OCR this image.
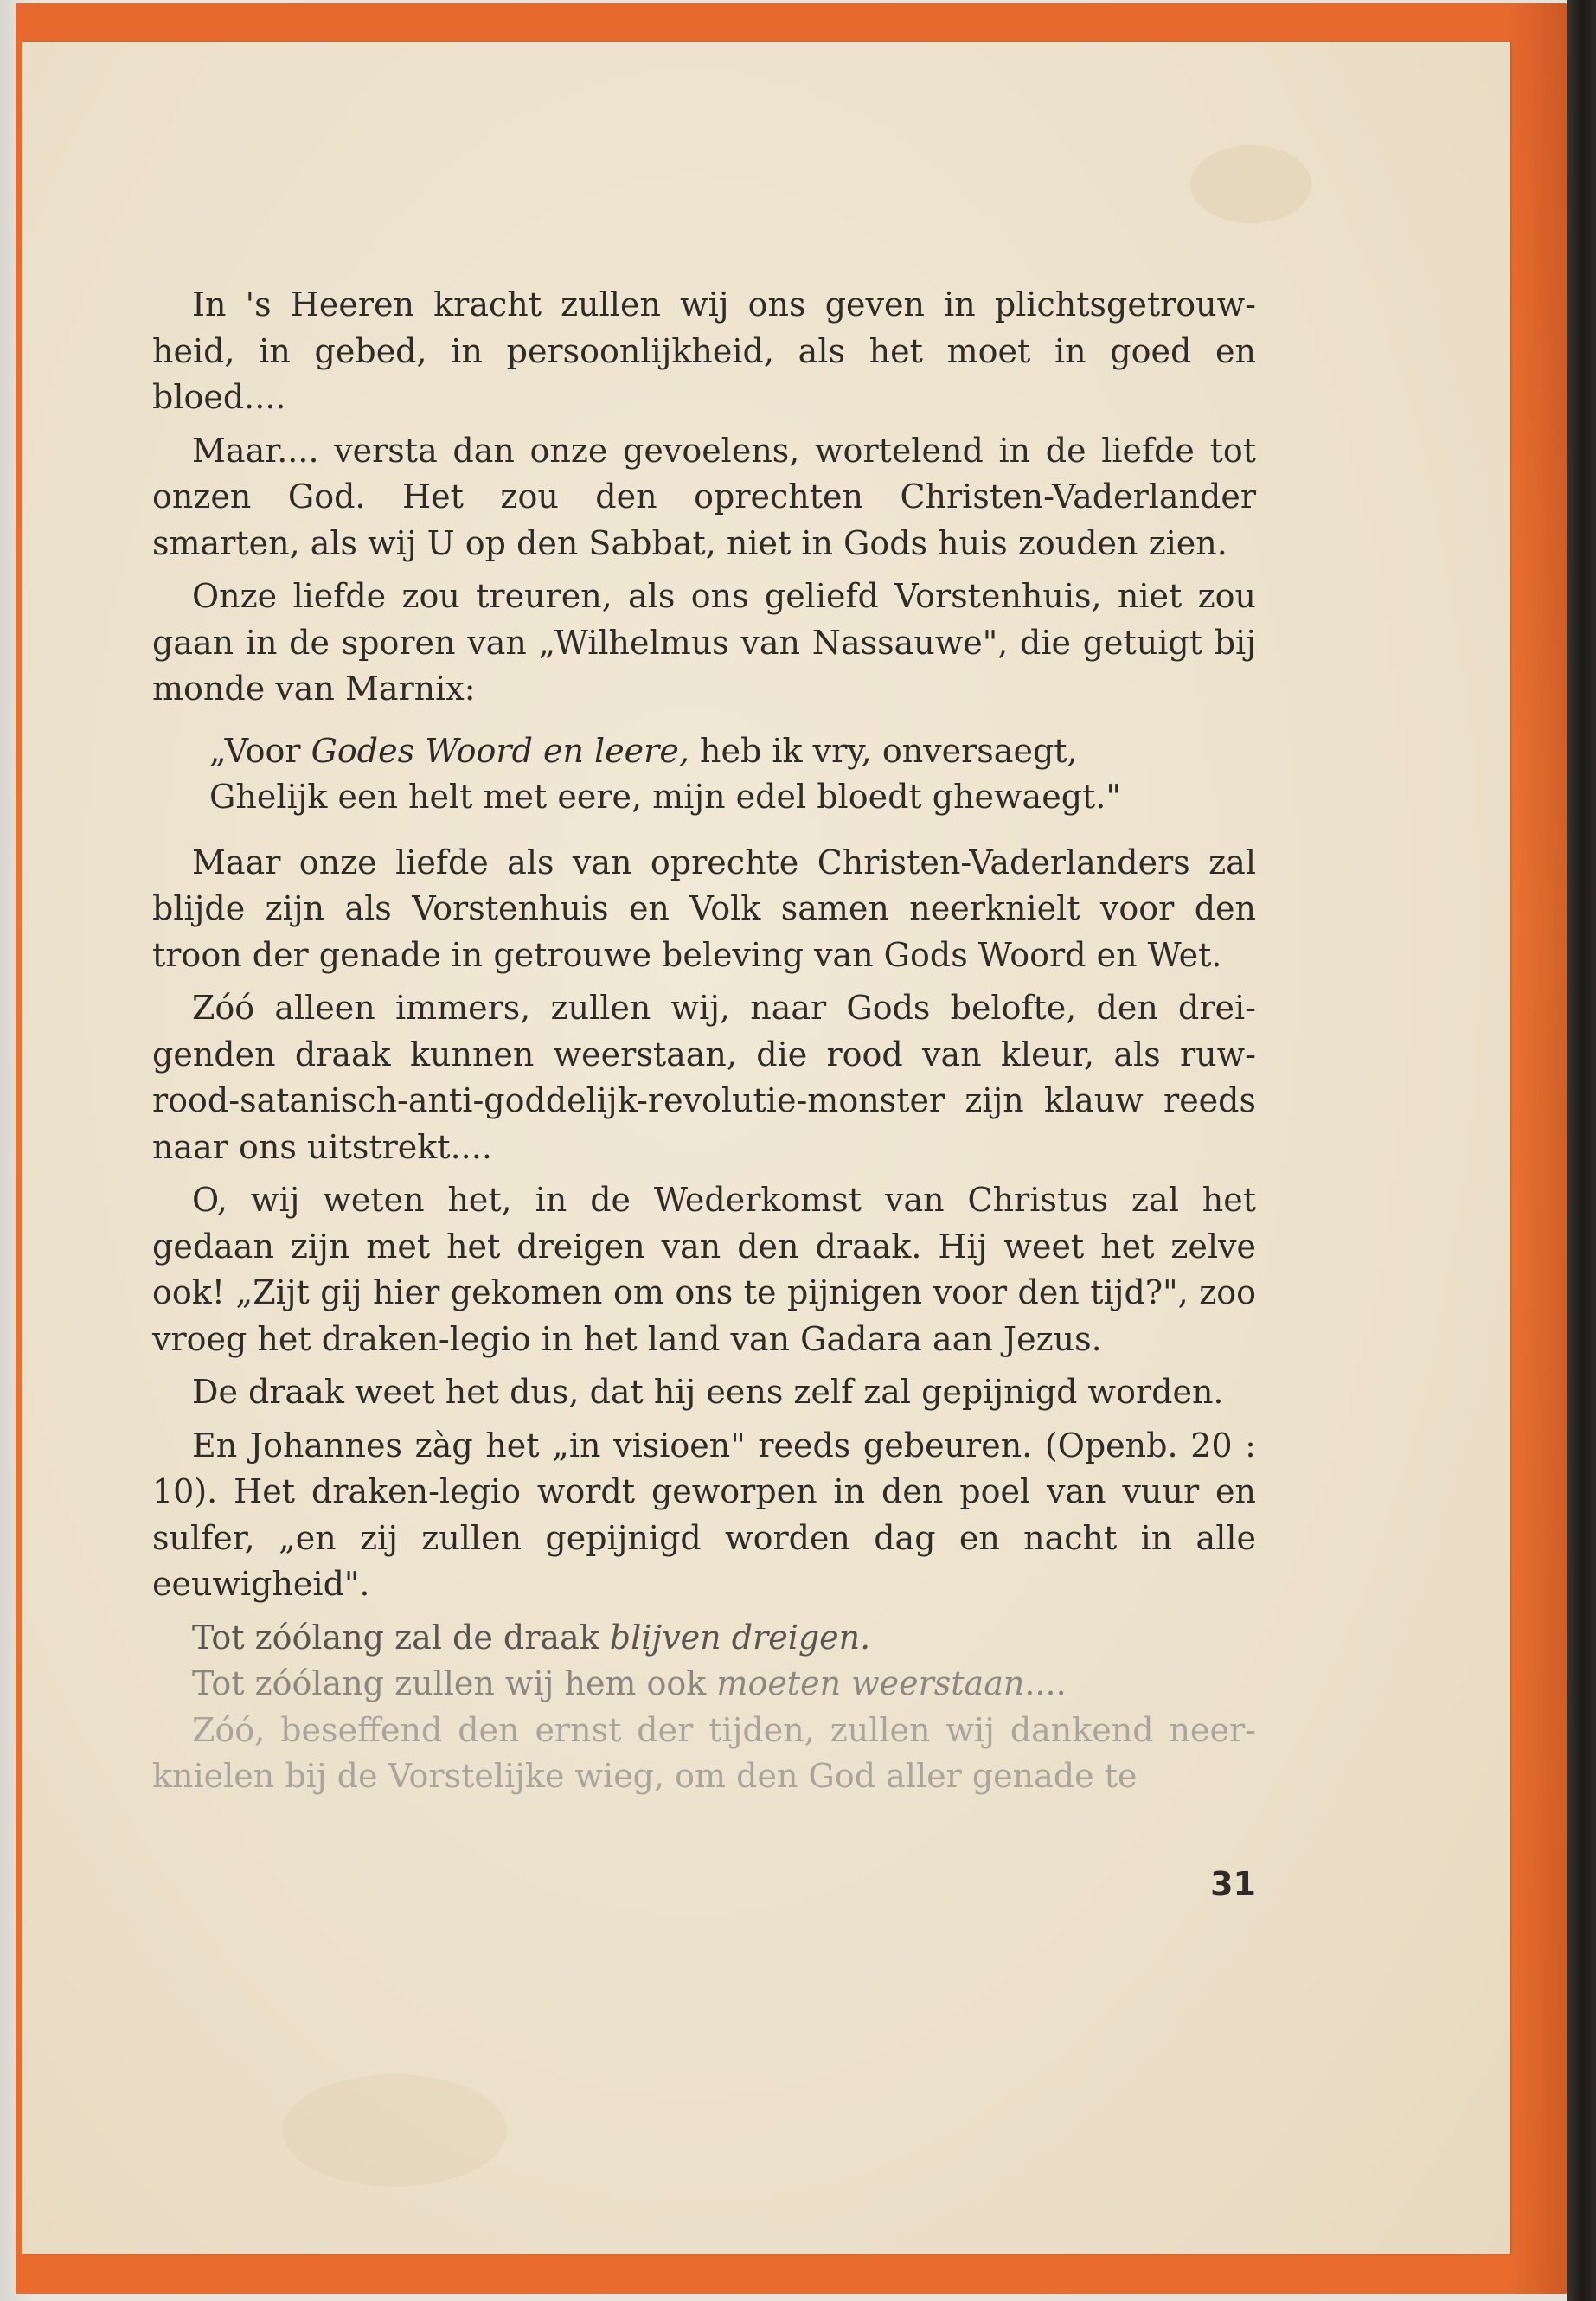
In 's Heeren kracht zullen wij ons geven in plichtsgetrouw- heid, in gebed, in persoonlijkheid, als het moet in goed en bloed....

Maar.... versta dan onze gevoelens, wortelend in de liefde tot onzen God. Het zou den oprechten Christen-Vaderlander smarten, als wij U op den Sabbat, niet in Gods huis zouden zien.

Onze liefde zou treuren, als ons geliefd Vorstenhuis, niet zou gaan in de sporen van „Wilhelmus van Nassauwe", die getuigt bij monde van Marnix:

„Voor Godes Woord en leere, heb ik vry, onversaegt,
Ghelijk een helt met eere, mijn edel bloedt ghewaegt."

Maar onze liefde als van oprechte Christen-Vaderlanders zal blijde zijn als Vorstenhuis en Volk samen neerknielt voor den troon der genade in getrouwe beleving van Gods Woord en Wet.

Zóó alleen immers, zullen wij, naar Gods belofte, den drei- genden draak kunnen weerstaan, die rood van kleur, als ruw- rood-satanisch-anti-goddelijk-revolutie-monster zijn klauw reeds naar ons uitstrekt....

O, wij weten het, in de Wederkomst van Christus zal het gedaan zijn met het dreigen van den draak. Hij weet het zelve ook! „Zijt gij hier gekomen om ons te pijnigen voor den tijd?", zoo vroeg het draken-legio in het land van Gadara aan Jezus.

De draak weet het dus, dat hij eens zelf zal gepijnigd worden.

En Johannes zàg het „in visioen" reeds gebeuren. (Openb. 20 : 10). Het draken-legio wordt geworpen in den poel van vuur en sulfer, „en zij zullen gepijnigd worden dag en nacht in alle eeuwigheid".

Tot zóólang zal de draak blijven dreigen.

Tot zóólang zullen wij hem ook moeten weerstaan....

Zóó, beseffend den ernst der tijden, zullen wij dankend neer- knielen bij de Vorstelijke wieg, om den God aller genade te

31
